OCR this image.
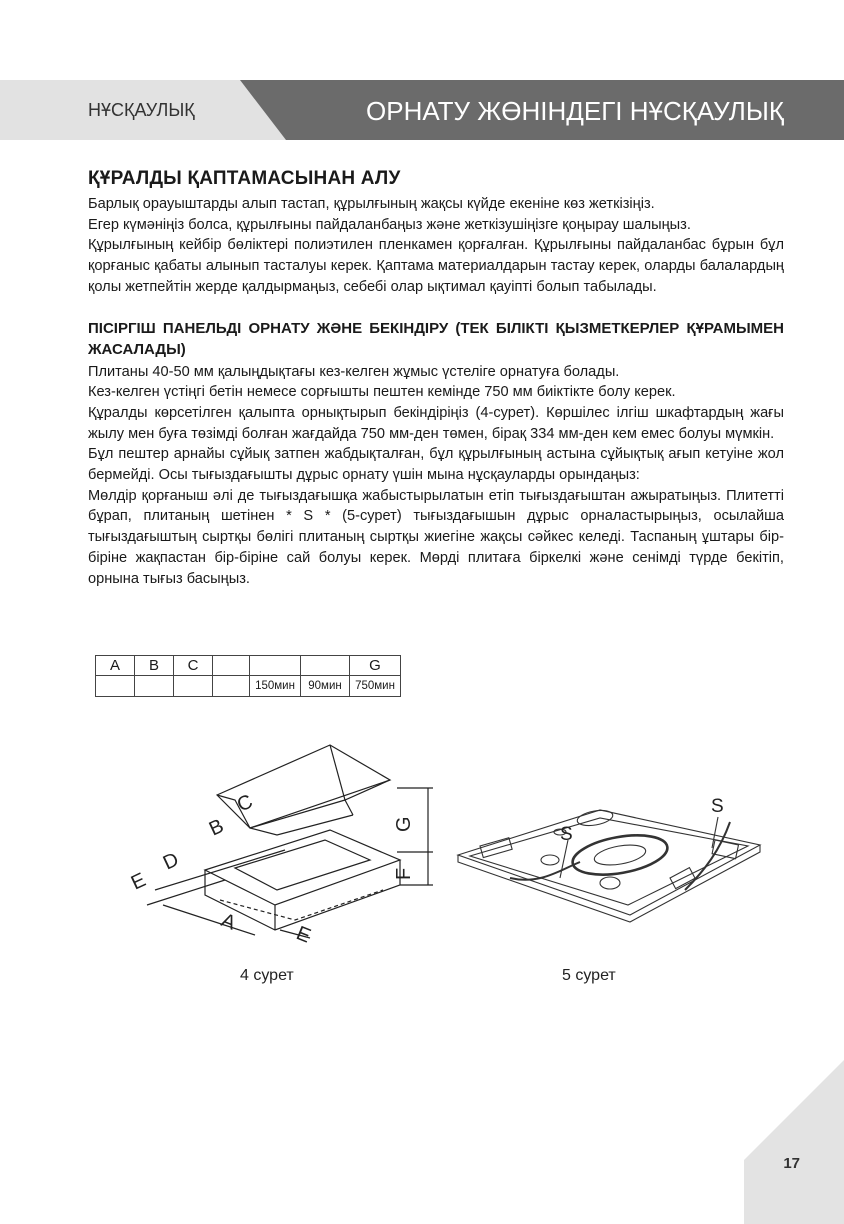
НҰСҚАУЛЫҚ	ОРНАТУ ЖӨНІНДЕГІ НҰСҚАУЛЫҚ
ҚҰРАЛДЫ ҚАПТАМАСЫНАН АЛУ

Барлық орауыштарды алып тастап, құрылғының жақсы күйде екеніне көз жеткізіңіз.

Егер күмәніңіз болса, құрылғыны пайдаланбаңыз және жеткізушіңізге қоңырау шалыңыз.

Құрылғының кейбір бөліктері полиэтилен пленкамен қорғалған. Құрылғыны пайдаланбас бұрын бұл қорғаныс қабаты алынып тасталуы керек. Қаптама материалдарын тастау керек, оларды балалардың қолы жетпейтін жерде қалдырмаңыз, себебі олар ықтимал қауіпті болып табылады.

ПІСІРГІШ ПАНЕЛЬДІ ОРНАТУ ЖӘНЕ БЕКІНДІРУ (ТЕК БІЛІКТІ ҚЫЗМЕТКЕРЛЕР ҚҰРАМЫМЕН ЖАСАЛАДЫ)

Плитаны 40-50 мм қалыңдықтағы кез-келген жұмыс үстеліге орнатуға болады.

Кез-келген үстіңгі бетін немесе сорғышты пештен кемінде 750 мм биіктікте болу керек.

Құралды көрсетілген қалыпта орнықтырып бекіндіріңіз (4-сурет). Көршілес ілгіш шкафтардың жағы жылу мен буға төзімді болған жағдайда 750 мм-ден төмен, бірақ 334 мм-ден кем емес болуы мүмкін.

Бұл пештер арнайы сұйық затпен жабдықталған, бұл құрылғының астына сұйықтық ағып кетуіне жол бермейді. Осы тығыздағышты дұрыс орнату үшін мына нұсқауларды орындаңыз:

Мөлдір қорғаныш әлі де тығыздағышқа жабыстырылатын етіп тығыздағыштан ажыратыңыз. Плитетті бұрап, плитаның шетінен * S * (5-сурет) тығыздағышын дұрыс орналастырыңыз, осылайша тығыздағыштың сыртқы бөлігі плитаның сыртқы жиегіне жақсы сәйкес келеді. Таспаның ұштары бір-біріне жақпастан бір-біріне сай болуы керек. Мөрді плитаға біркелкі және сенімді түрде бекітіп, орнына тығыз басыңыз.

A	B	C				G
				150мин	90мин	750мин
C
B
D
E
A
E
G
F
4 сурет
S
S
5 сурет
17
